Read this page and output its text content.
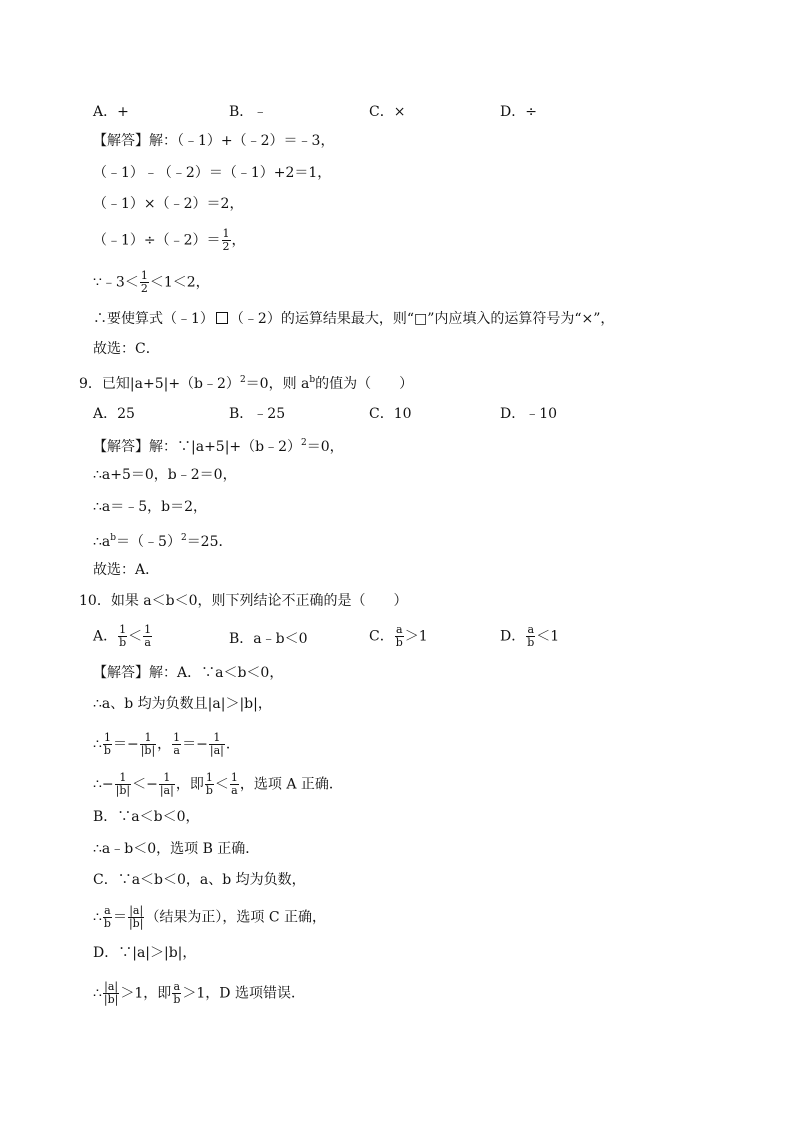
A．+	B．﹣	C．×	D．÷
【解答】解：（﹣1）+（﹣2）＝﹣3，
（﹣1）﹣（﹣2）＝（﹣1）+2＝1，
（﹣1）×（﹣2）＝2，
（﹣1）÷（﹣2）＝ $\frac{1}{2}$ ，
∵﹣3＜ $\frac{1}{2} <1<2$，
∴要使算式（﹣1） （﹣2）的运算结果最大，则“□”内应填入的运算符号为“×”，
故选：C．
9．已知|a+5|+（b﹣2）$^2$＝0，则 $a^b$的值为（　　）
A．25	B．﹣25	C．10	D．﹣10
【解答】解：∵|a+5|+（b﹣2）$^2$＝0，
∴a+5＝0，b﹣2＝0，
∴a＝﹣5，b＝2，
$\therefore a^b=(﹣5)^2=25$．
故选：A．
10．如果 a＜b＜0，则下列结论不正确的是（　　）
A． $\frac{1}{b} < \frac{1}{a}$	B．a﹣b＜0	C． $\frac{a}{b} >1$	D． $\frac{a}{b} <1$
【解答】解：A．∵a＜b＜0，
∴a、b 均为负数且|a|＞|b|，
∴ $\frac{1}{b} =- \frac{1}{|b|}$ ， $\frac{1}{a} =- \frac{1}{|a|}$ ．
∴− $\frac{1}{|b|} <- \frac{1}{|a|}$ ，即 $\frac{1}{b} < \frac{1}{a}$ ，选项 A 正确．
B．∵a＜b＜0，
∴a﹣b＜0，选项 B 正确．
C．∵a＜b＜0，a、b 均为负数，
∴ $\frac{a}{b} = \frac{|a|}{|b|}$ （结果为正），选项 C 正确，
D．∵|a|＞|b|，
∴ $\frac{|a|}{|b|} >1$，即 $\frac{a}{b} >1$，D 选项错误．
